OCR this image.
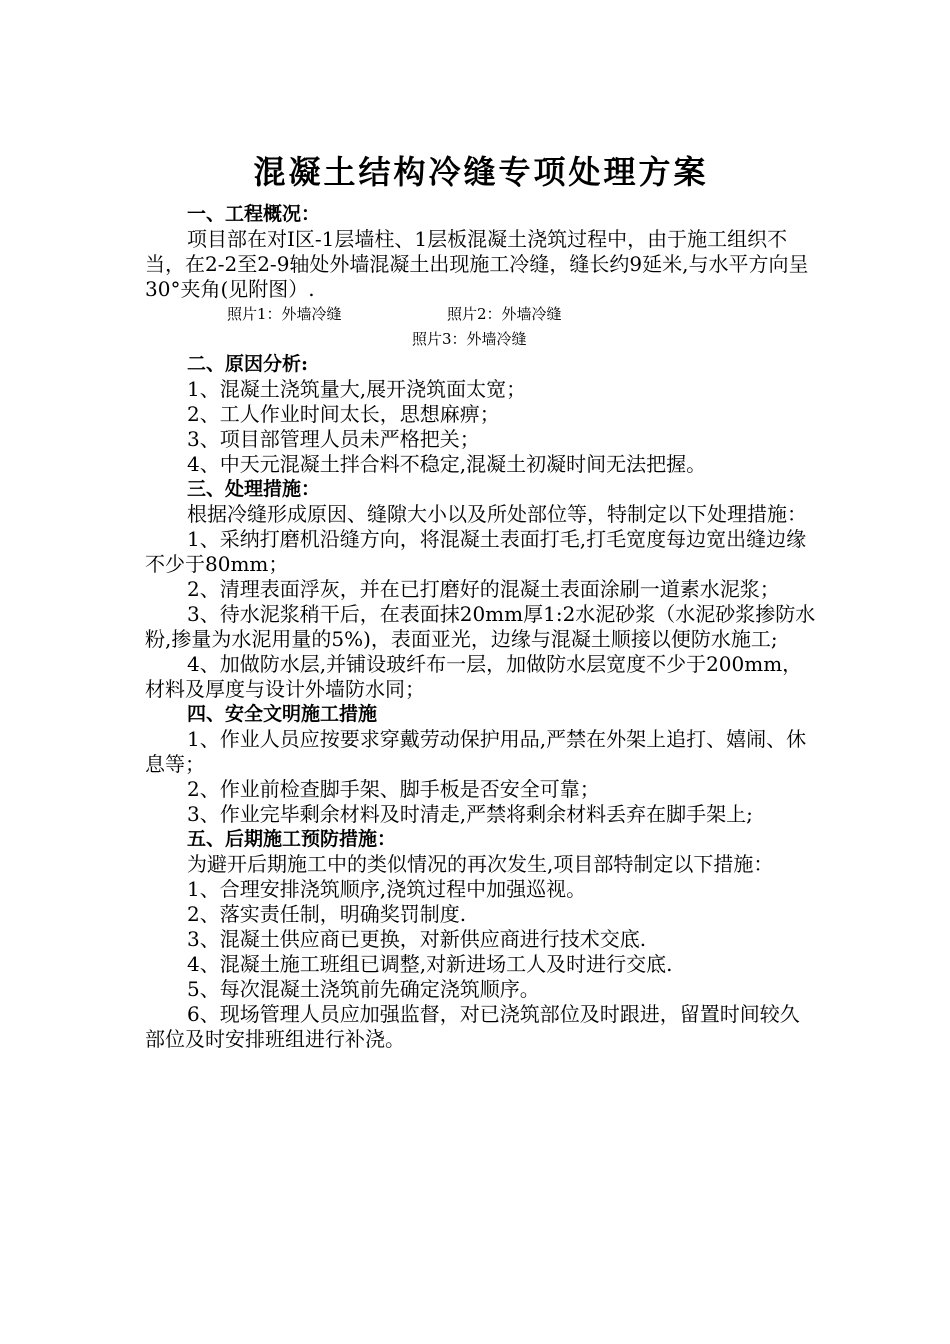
混凝土结构冷缝专项处理方案

一、工程概况：

项目部在对Ⅰ区-1层墙柱、1层板混凝土浇筑过程中，由于施工组织不当，在2-2至2-9轴处外墙混凝土出现施工冷缝，缝长约9延米,与水平方向呈30°夹角(见附图）.

照片1：外墙冷缝	照片2：外墙冷缝
照片3：外墙冷缝

二、原因分析:

1、混凝土浇筑量大,展开浇筑面太宽；

2、工人作业时间太长，思想麻痹；

3、项目部管理人员未严格把关；

4、中天元混凝土拌合料不稳定,混凝土初凝时间无法把握。

三、处理措施：

根据冷缝形成原因、缝隙大小以及所处部位等，特制定以下处理措施：

1、采纳打磨机沿缝方向，将混凝土表面打毛,打毛宽度每边宽出缝边缘不少于80mm；

2、清理表面浮灰，并在已打磨好的混凝土表面涂刷一道素水泥浆；

3、待水泥浆稍干后，在表面抹20mm厚1:2水泥砂浆（水泥砂浆掺防水粉,掺量为水泥用量的5%)，表面亚光，边缘与混凝土顺接以便防水施工;

4、加做防水层,并铺设玻纤布一层，加做防水层宽度不少于200mm，材料及厚度与设计外墙防水同；

四、安全文明施工措施

1、作业人员应按要求穿戴劳动保护用品,严禁在外架上追打、嬉闹、休息等；

2、作业前检查脚手架、脚手板是否安全可靠；

3、作业完毕剩余材料及时清走,严禁将剩余材料丢弃在脚手架上;

五、后期施工预防措施：

为避开后期施工中的类似情况的再次发生,项目部特制定以下措施：

1、合理安排浇筑顺序,浇筑过程中加强巡视。

2、落实责任制，明确奖罚制度.

3、混凝土供应商已更换，对新供应商进行技术交底.

4、混凝土施工班组已调整,对新进场工人及时进行交底.

5、每次混凝土浇筑前先确定浇筑顺序。

6、现场管理人员应加强监督，对已浇筑部位及时跟进，留置时间较久部位及时安排班组进行补浇。
